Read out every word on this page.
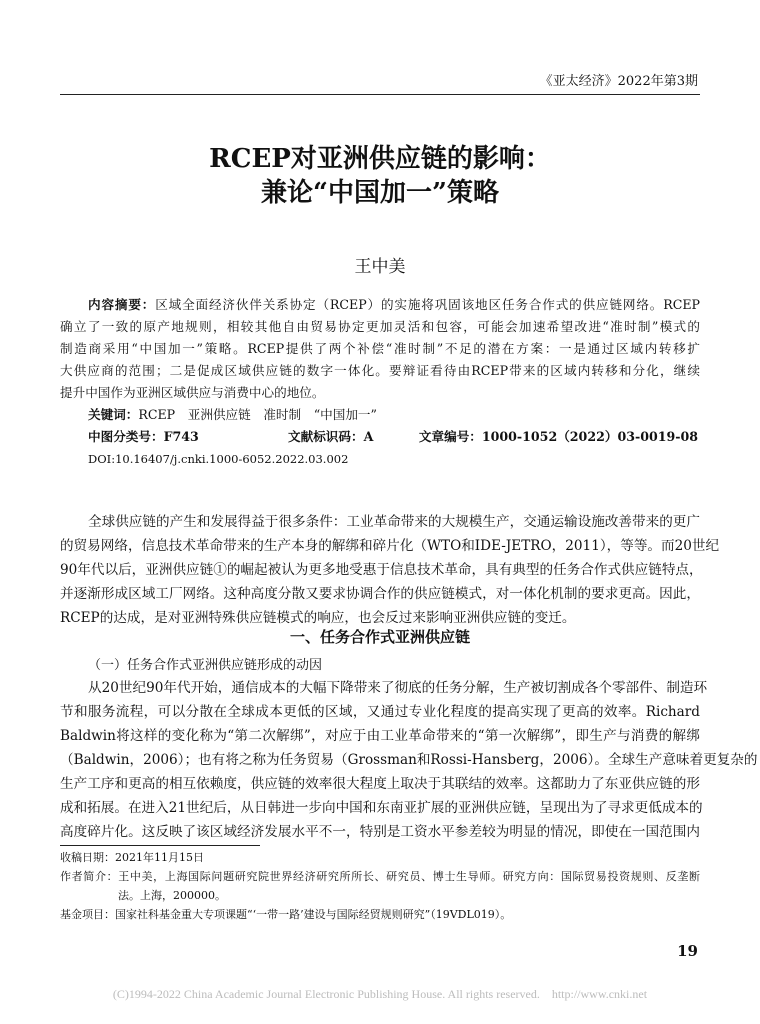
《亚太经济》2022年第3期
RCEP对亚洲供应链的影响：
兼论“中国加一”策略
王中美
内容摘要：区域全面经济伙伴关系协定（RCEP）的实施将巩固该地区任务合作式的供应链网络。RCEP
确立了一致的原产地规则，相较其他自由贸易协定更加灵活和包容，可能会加速希望改进“准时制”模式的
制造商采用“中国加一”策略。RCEP提供了两个补偿“准时制”不足的潜在方案：一是通过区域内转移扩
大供应商的范围；二是促成区域供应链的数字一体化。要辩证看待由RCEP带来的区域内转移和分化，继续
提升中国作为亚洲区域供应与消费中心的地位。
关键词：RCEP　亚洲供应链　准时制　“中国加一”
中图分类号：F743	文献标识码：A	文章编号：1000-1052（2022）03-0019-08
DOI:10.16407/j.cnki.1000-6052.2022.03.002
全球供应链的产生和发展得益于很多条件：工业革命带来的大规模生产，交通运输设施改善带来的更广
的贸易网络，信息技术革命带来的生产本身的解绑和碎片化（WTO和IDE-JETRO，2011），等等。而20世纪
90年代以后，亚洲供应链①的崛起被认为更多地受惠于信息技术革命，具有典型的任务合作式供应链特点，
并逐渐形成区域工厂网络。这种高度分散又要求协调合作的供应链模式，对一体化机制的要求更高。因此，
RCEP的达成，是对亚洲特殊供应链模式的响应，也会反过来影响亚洲供应链的变迁。
一、任务合作式亚洲供应链
（一）任务合作式亚洲供应链形成的动因
从20世纪90年代开始，通信成本的大幅下降带来了彻底的任务分解，生产被切割成各个零部件、制造环
节和服务流程，可以分散在全球成本更低的区域，又通过专业化程度的提高实现了更高的效率。Richard
Baldwin将这样的变化称为“第二次解绑”，对应于由工业革命带来的“第一次解绑”，即生产与消费的解绑
（Baldwin，2006）；也有将之称为任务贸易（Grossman和Rossi-Hansberg，2006）。全球生产意味着更复杂的
生产工序和更高的相互依赖度，供应链的效率很大程度上取决于其联结的效率。这都助力了东亚供应链的形
成和拓展。在进入21世纪后，从日韩进一步向中国和东南亚扩展的亚洲供应链，呈现出为了寻求更低成本的
高度碎片化。这反映了该区域经济发展水平不一，特别是工资水平参差较为明显的情况，即使在一国范围内
收稿日期：2021年11月15日
作者简介：王中美，上海国际问题研究院世界经济研究所所长、研究员、博士生导师。研究方向：国际贸易投资规则、反垄断
法。上海，200000。
基金项目：国家社科基金重大专项课题“‘一带一路’建设与国际经贸规则研究”（19VDL019）。
19
(C)1994-2022 China Academic Journal Electronic Publishing House. All rights reserved.    http://www.cnki.net
